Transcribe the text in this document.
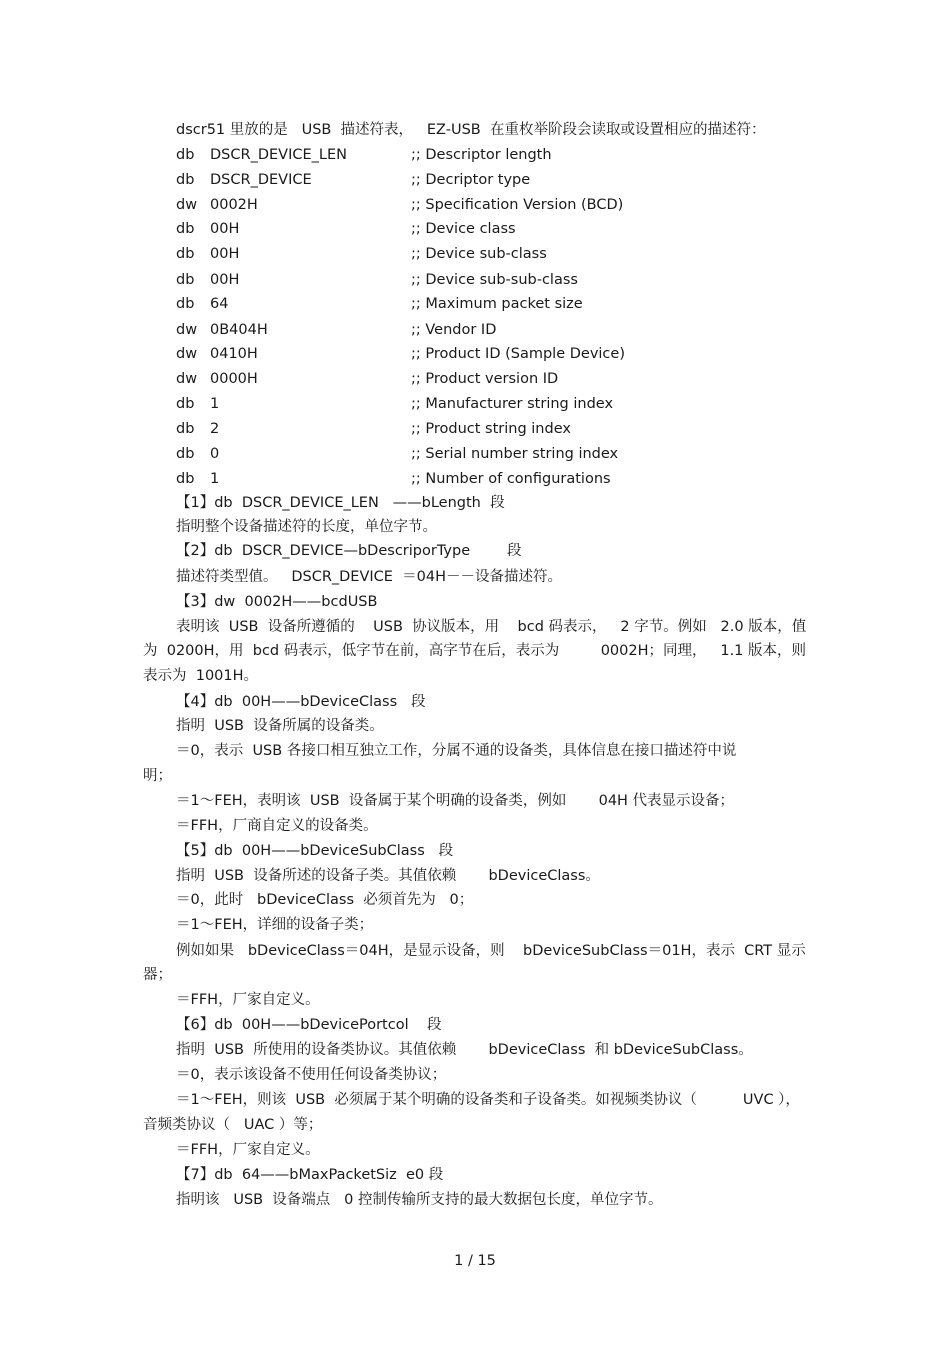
dscr51 里放的是   USB  描述符表，   EZ-USB  在重枚举阶段会读取或设置相应的描述符：
db DSCR_DEVICE_LEN	;; Descriptor length
db DSCR_DEVICE	;; Decriptor type
dw 0002H	;; Specification Version (BCD)
db 00H	;; Device class
db 00H	;; Device sub-class
db 00H	;; Device sub-sub-class
db 64	;; Maximum packet size
dw 0B404H	;; Vendor ID
dw 0410H	;; Product ID (Sample Device)
dw 0000H	;; Product version ID
db 1	;; Manufacturer string index
db 2	;; Product string index
db 0	;; Serial number string index
db 1	;; Number of configurations
【1】db  DSCR_DEVICE_LEN   ——bLength  段
指明整个设备描述符的长度，单位字节。
【2】db  DSCR_DEVICE—bDescriporType        段
描述符类型值。   DSCR_DEVICE  ＝04H－－设备描述符。
【3】dw  0002H——bcdUSB
表明该  USB  设备所遵循的    USB  协议版本，用    bcd 码表示，   2 字节。例如   2.0 版本，值
为  0200H，用  bcd 码表示，低字节在前，高字节在后，表示为         0002H；同理，   1.1 版本，则
表示为  1001H。
【4】db  00H——bDeviceClass   段
指明  USB  设备所属的设备类。
＝0，表示  USB 各接口相互独立工作，分属不通的设备类，具体信息在接口描述符中说
明；
＝1～FEH，表明该  USB  设备属于某个明确的设备类，例如       04H 代表显示设备；
＝FFH，厂商自定义的设备类。
【5】db  00H——bDeviceSubClass   段
指明  USB  设备所述的设备子类。其值依赖       bDeviceClass。
＝0，此时   bDeviceClass  必须首先为   0；
＝1～FEH，详细的设备子类；
例如如果   bDeviceClass＝04H，是显示设备，则    bDeviceSubClass＝01H，表示  CRT 显示
器；
＝FFH，厂家自定义。
【6】db  00H——bDevicePortcol    段
指明  USB  所使用的设备类协议。其值依赖       bDeviceClass  和 bDeviceSubClass。
＝0，表示该设备不使用任何设备类协议；
＝1～FEH，则该  USB  必须属于某个明确的设备类和子设备类。如视频类协议（          UVC ），
音频类协议（   UAC ）等；
＝FFH，厂家自定义。
【7】db  64——bMaxPacketSiz  e0 段
指明该   USB  设备端点   0 控制传输所支持的最大数据包长度，单位字节。
1 / 15
